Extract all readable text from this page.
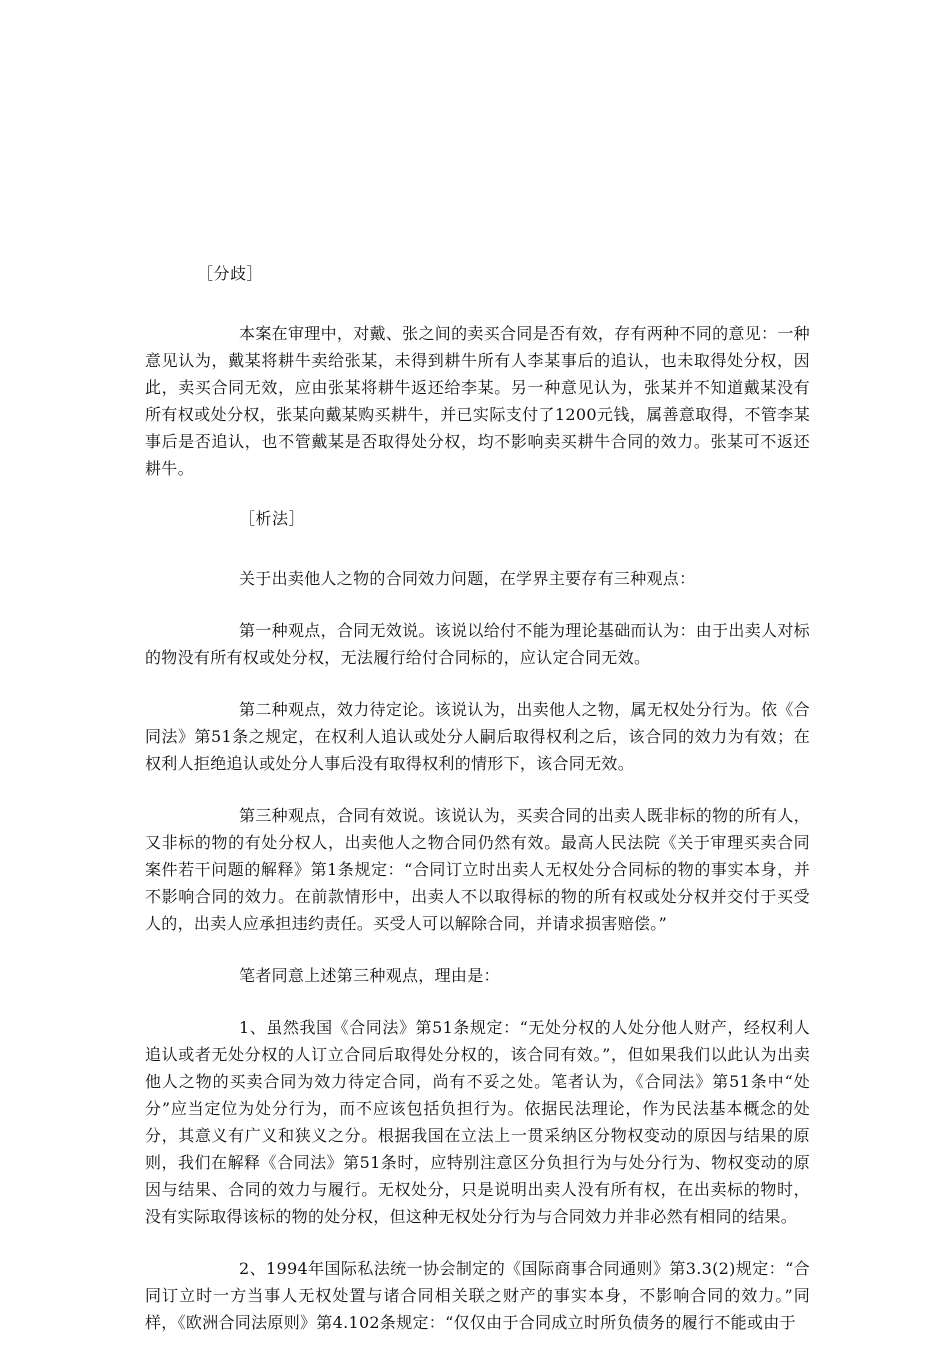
［分歧］

本案在审理中，对戴、张之间的卖买合同是否有效，存有两种不同的意见：一种意见认为，戴某将耕牛卖给张某，未得到耕牛所有人李某事后的追认，也未取得处分权，因此，卖买合同无效，应由张某将耕牛返还给李某。另一种意见认为，张某并不知道戴某没有所有权或处分权，张某向戴某购买耕牛，并已实际支付了1200元钱，属善意取得，不管李某事后是否追认，也不管戴某是否取得处分权，均不影响卖买耕牛合同的效力。张某可不返还耕牛。

［析法］

关于出卖他人之物的合同效力问题，在学界主要存有三种观点：

第一种观点，合同无效说。该说以给付不能为理论基础而认为：由于出卖人对标的物没有所有权或处分权，无法履行给付合同标的，应认定合同无效。

第二种观点，效力待定论。该说认为，出卖他人之物，属无权处分行为。依《合同法》第51条之规定，在权利人追认或处分人嗣后取得权利之后，该合同的效力为有效；在权利人拒绝追认或处分人事后没有取得权利的情形下，该合同无效。

第三种观点，合同有效说。该说认为，买卖合同的出卖人既非标的物的所有人，又非标的物的有处分权人，出卖他人之物合同仍然有效。最高人民法院《关于审理买卖合同案件若干问题的解释》第1条规定：“合同订立时出卖人无权处分合同标的物的事实本身，并不影响合同的效力。在前款情形中，出卖人不以取得标的物的所有权或处分权并交付于买受人的，出卖人应承担违约责任。买受人可以解除合同，并请求损害赔偿。”

笔者同意上述第三种观点，理由是：

1、虽然我国《合同法》第51条规定：“无处分权的人处分他人财产，经权利人追认或者无处分权的人订立合同后取得处分权的，该合同有效。”，但如果我们以此认为出卖他人之物的买卖合同为效力待定合同，尚有不妥之处。笔者认为，《合同法》第51条中“处分”应当定位为处分行为，而不应该包括负担行为。依据民法理论，作为民法基本概念的处分，其意义有广义和狭义之分。根据我国在立法上一贯采纳区分物权变动的原因与结果的原则，我们在解释《合同法》第51条时，应特别注意区分负担行为与处分行为、物权变动的原因与结果、合同的效力与履行。无权处分，只是说明出卖人没有所有权，在出卖标的物时，没有实际取得该标的物的处分权，但这种无权处分行为与合同效力并非必然有相同的结果。

2、1994年国际私法统一协会制定的《国际商事合同通则》第3.3(2)规定：“合同订立时一方当事人无权处置与诸合同相关联之财产的事实本身，不影响合同的效力。”同样，《欧洲合同法原则》第4.102条规定：“仅仅由于合同成立时所负债务的履行不能或由于
